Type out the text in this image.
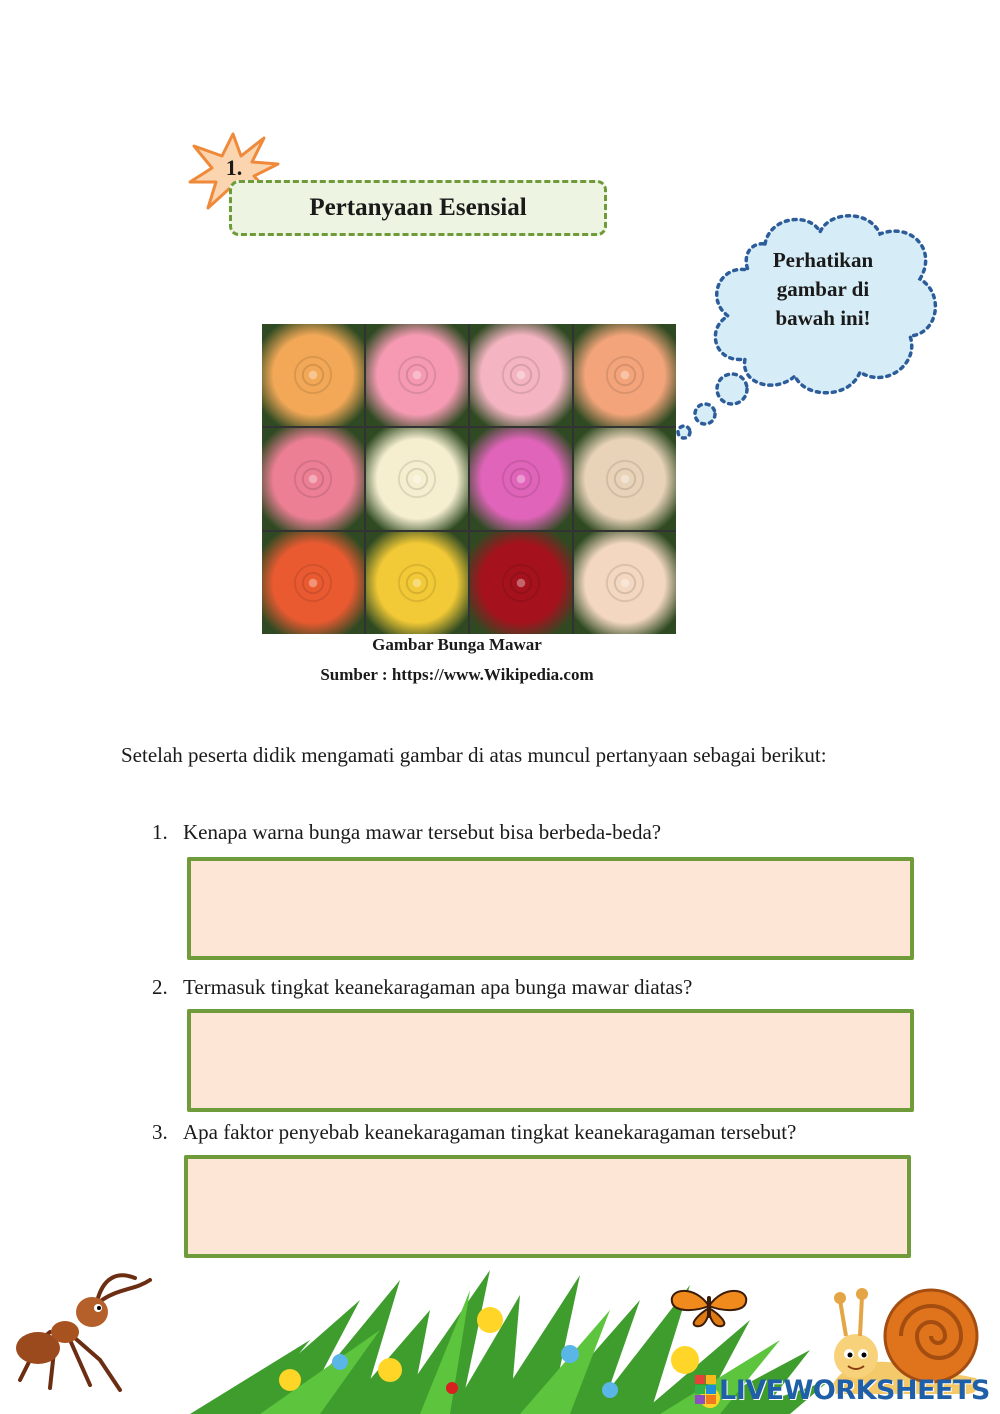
1.
Pertanyaan Esensial
Perhatikan
gambar di
bawah ini!
Gambar Bunga Mawar
Sumber : https://www.Wikipedia.com
Setelah peserta didik mengamati gambar di atas muncul pertanyaan sebagai berikut:
1. Kenapa warna bunga mawar tersebut bisa berbeda-beda?
2. Termasuk tingkat keanekaragaman apa bunga mawar diatas?
3. Apa faktor penyebab keanekaragaman tingkat keanekaragaman tersebut?
LIVEWORKSHEETS
